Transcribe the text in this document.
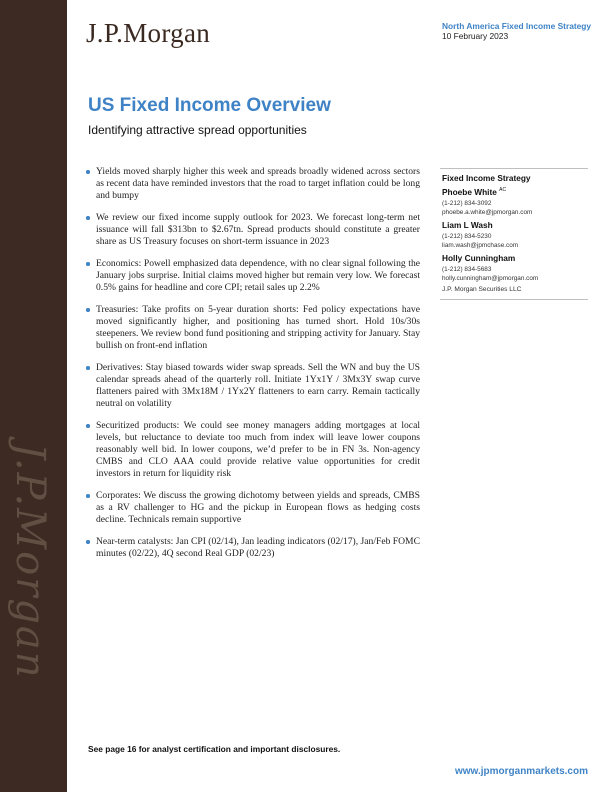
J.P.Morgan
J.P.Morgan	North America Fixed Income Strategy
10 February 2023
US Fixed Income Overview
Identifying attractive spread opportunities
Yields moved sharply higher this week and spreads broadly widened across sectors as recent data have reminded investors that the road to target inflation could be long and bumpy
We review our fixed income supply outlook for 2023. We forecast long-term net issuance will fall $313bn to $2.67tn. Spread products should constitute a greater share as US Treasury focuses on short-term issuance in 2023
Economics: Powell emphasized data dependence, with no clear signal following the January jobs surprise. Initial claims moved higher but remain very low. We forecast 0.5% gains for headline and core CPI; retail sales up 2.2%
Treasuries: Take profits on 5-year duration shorts: Fed policy expectations have moved significantly higher, and positioning has turned short. Hold 10s/30s steepeners. We review bond fund positioning and stripping activity for January. Stay bullish on front-end inflation
Derivatives: Stay biased towards wider swap spreads. Sell the WN and buy the US calendar spreads ahead of the quarterly roll. Initiate 1Yx1Y / 3Mx3Y swap curve flatteners paired with 3Mx18M / 1Yx2Y flatteners to earn carry. Remain tactically neutral on volatility
Securitized products: We could see money managers adding mortgages at local levels, but reluctance to deviate too much from index will leave lower coupons reasonably well bid. In lower coupons, we’d prefer to be in FN 3s. Non-agency CMBS and CLO AAA could provide relative value opportunities for credit investors in return for liquidity risk
Corporates: We discuss the growing dichotomy between yields and spreads, CMBS as a RV challenger to HG and the pickup in European flows as hedging costs decline. Technicals remain supportive
Near-term catalysts: Jan CPI (02/14), Jan leading indicators (02/17), Jan/Feb FOMC minutes (02/22), 4Q second Real GDP (02/23)
Fixed Income Strategy
Phoebe White $^{AC}$
(1-212) 834-3092
phoebe.a.white@jpmorgan.com
Liam L Wash
(1-212) 834-5230
liam.wash@jpmchase.com
Holly Cunningham
(1-212) 834-5683
holly.cunningham@jpmorgan.com
J.P. Morgan Securities LLC
See page 16 for analyst certification and important disclosures.
www.jpmorganmarkets.com
